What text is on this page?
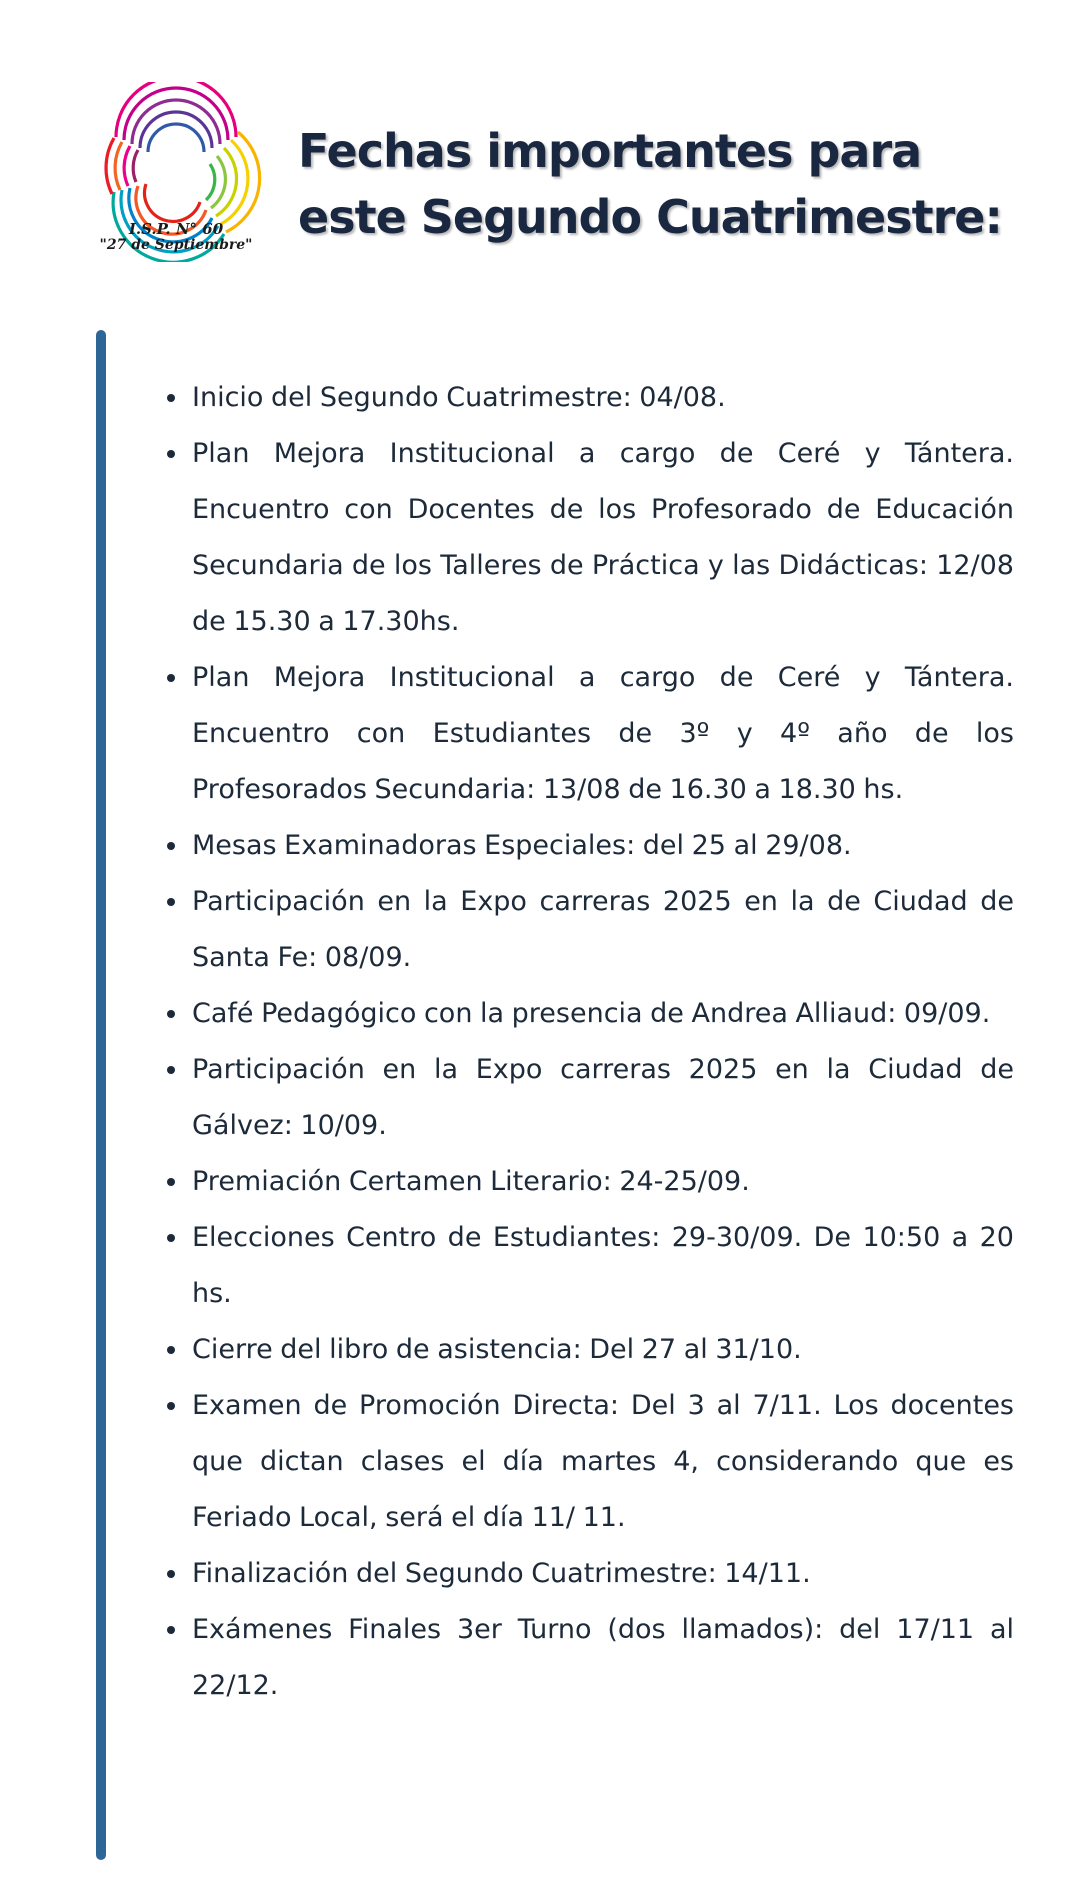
I.S.P. N° 60
"27 de Septiembre"
Fechas importantes para
este Segundo Cuatrimestre:
Inicio del Segundo Cuatrimestre: 04/08.
Plan Mejora Institucional a cargo de Ceré y Tántera. Encuentro con Docentes de los Profesorado de Educación Secundaria de los Talleres de Práctica y las Didácticas: 12/08 de 15.30 a 17.30hs.
Plan Mejora Institucional a cargo de Ceré y Tántera. Encuentro con Estudiantes de 3º y 4º año de los Profesorados Secundaria: 13/08 de 16.30 a 18.30 hs.
Mesas Examinadoras Especiales: del 25 al 29/08.
Participación en la Expo carreras 2025 en la de Ciudad de Santa Fe: 08/09.
Café Pedagógico con la presencia de Andrea Alliaud: 09/09.
Participación en la Expo carreras 2025 en la Ciudad de Gálvez: 10/09.
Premiación Certamen Literario: 24-25/09.
Elecciones Centro de Estudiantes: 29-30/09. De 10:50 a 20 hs.
Cierre del libro de asistencia: Del 27 al 31/10.
Examen de Promoción Directa: Del 3 al 7/11. Los docentes que dictan clases el día martes 4, considerando que es Feriado Local, será el día 11/ 11.
Finalización del Segundo Cuatrimestre: 14/11.
Exámenes Finales 3er Turno (dos llamados): del 17/11 al 22/12.
